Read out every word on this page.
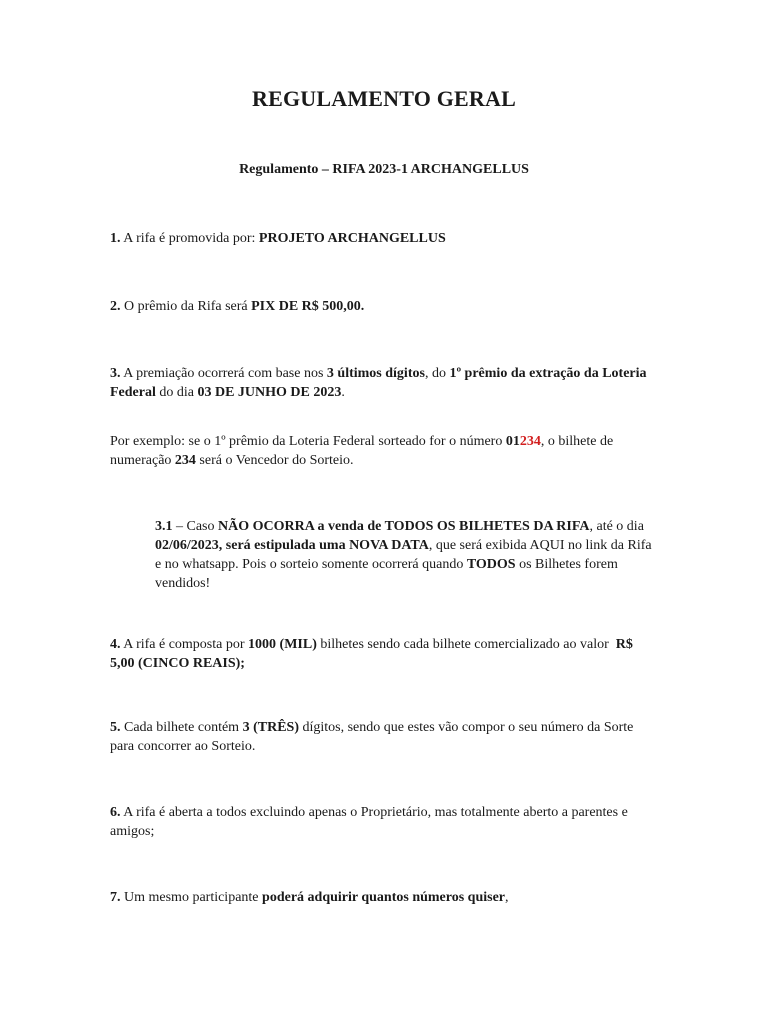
REGULAMENTO GERAL

Regulamento – RIFA 2023-1 ARCHANGELLUS

1. A rifa é promovida por: PROJETO ARCHANGELLUS

2. O prêmio da Rifa será PIX DE R$ 500,00.

3. A premiação ocorrerá com base nos 3 últimos dígitos, do 1º prêmio da extração da Loteria Federal do dia 03 DE JUNHO DE 2023.

Por exemplo: se o 1º prêmio da Loteria Federal sorteado for o número 01234, o bilhete de numeração 234 será o Vencedor do Sorteio.

3.1 – Caso NÃO OCORRA a venda de TODOS OS BILHETES DA RIFA, até o dia 02/06/2023, será estipulada uma NOVA DATA, que será exibida AQUI no link da Rifa e no whatsapp. Pois o sorteio somente ocorrerá quando TODOS os Bilhetes forem vendidos!

4. A rifa é composta por 1000 (MIL) bilhetes sendo cada bilhete comercializado ao valor  R$ 5,00 (CINCO REAIS);

5. Cada bilhete contém 3 (TRÊS) dígitos, sendo que estes vão compor o seu número da Sorte para concorrer ao Sorteio.

6. A rifa é aberta a todos excluindo apenas o Proprietário, mas totalmente aberto a parentes e amigos;

7. Um mesmo participante poderá adquirir quantos números quiser,
